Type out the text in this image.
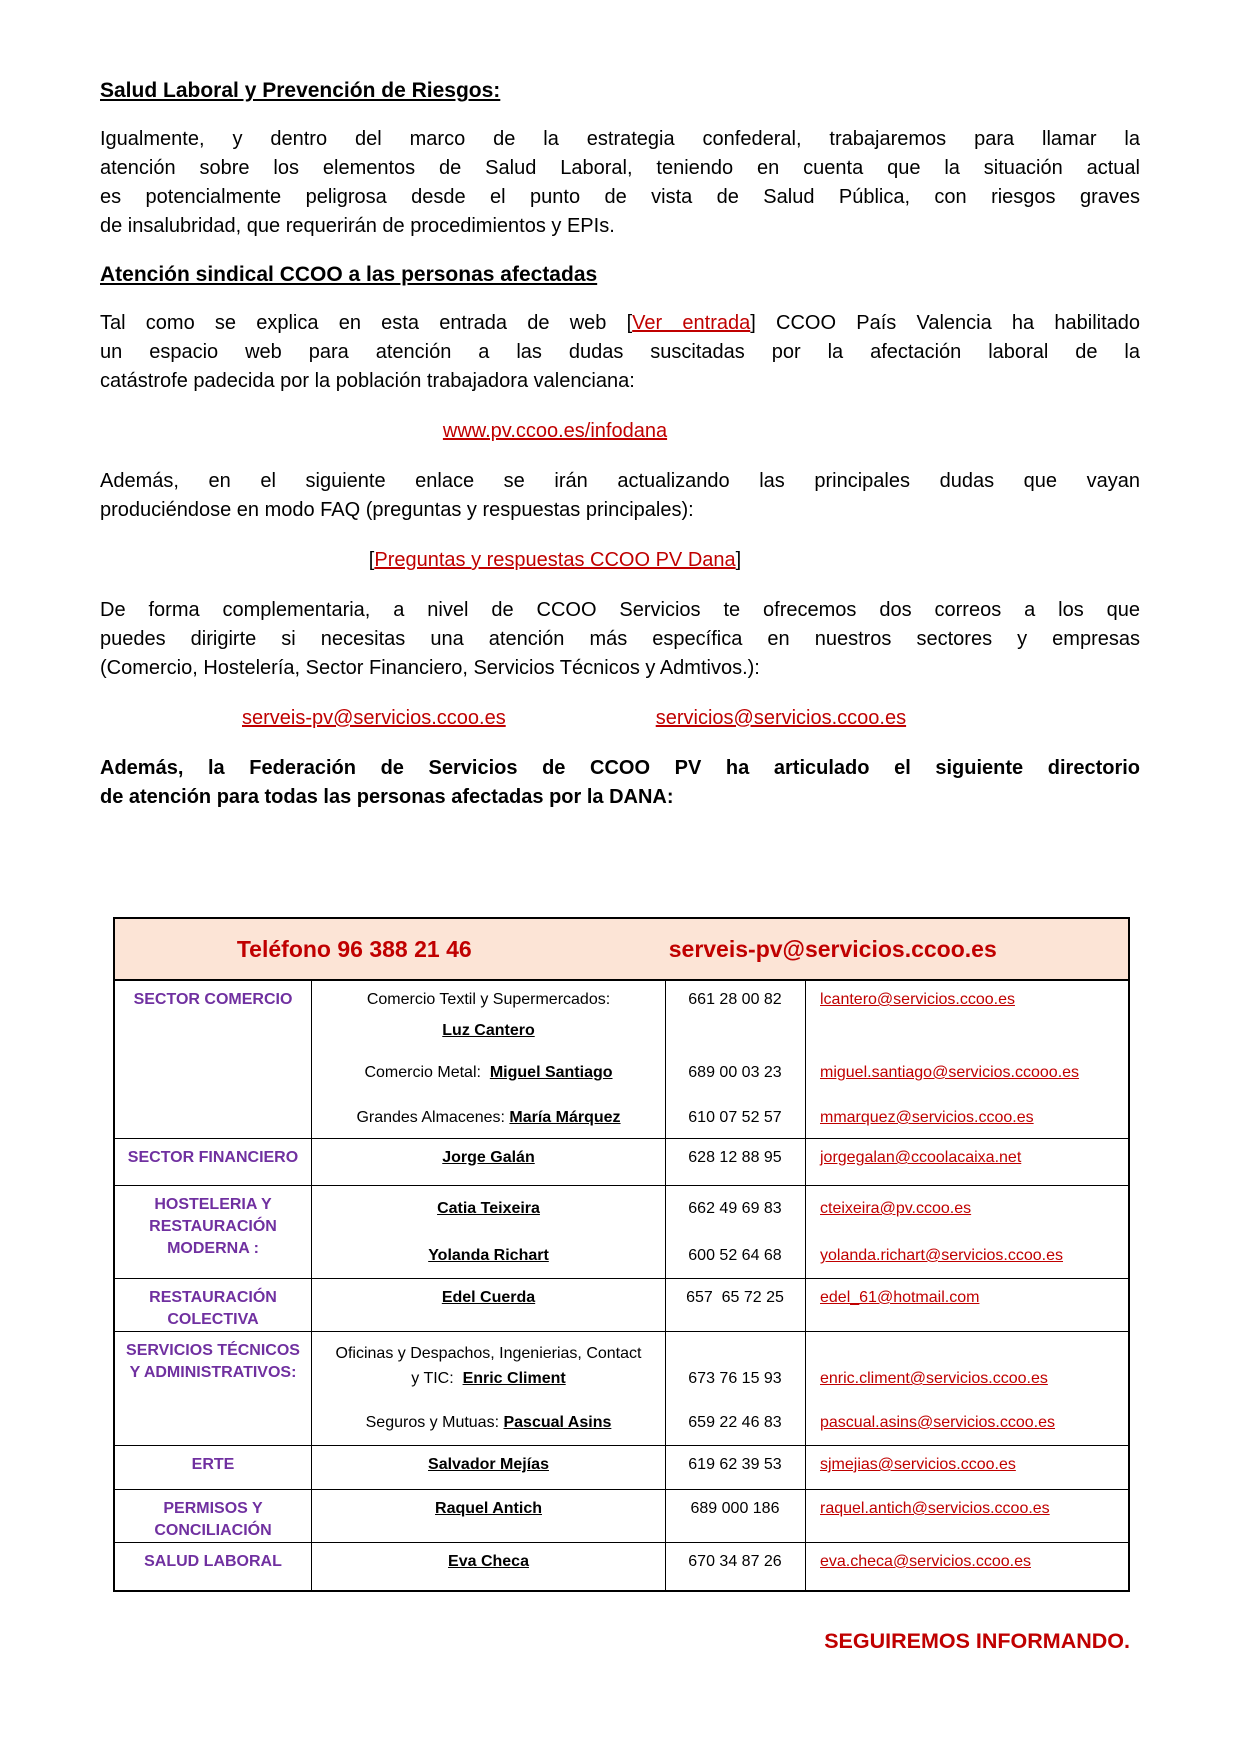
Salud Laboral y Prevención de Riesgos:
Igualmente, y dentro del marco de la estrategia confederal, trabajaremos para llamar la
atención sobre los elementos de Salud Laboral, teniendo en cuenta que la situación actual
es potencialmente peligrosa desde el punto de vista de Salud Pública, con riesgos graves
de insalubridad, que requerirán de procedimientos y EPIs.
Atención sindical CCOO a las personas afectadas
Tal como se explica en esta entrada de web [Ver entrada] CCOO País Valencia ha habilitado
un espacio web para atención a las dudas suscitadas por la afectación laboral de la
catástrofe padecida por la población trabajadora valenciana:
www.pv.ccoo.es/infodana
Además, en el siguiente enlace se irán actualizando las principales dudas que vayan
produciéndose en modo FAQ (preguntas y respuestas principales):
[Preguntas y respuestas CCOO PV Dana]
De forma complementaria, a nivel de CCOO Servicios te ofrecemos dos correos a los que
puedes dirigirte si necesitas una atención más específica en nuestros sectores y empresas
(Comercio, Hostelería, Sector Financiero, Servicios Técnicos y Admtivos.):
serveis-pv@servicios.ccoo.es	servicios@servicios.ccoo.es
Además, la Federación de Servicios de CCOO PV ha articulado el siguiente directorio
de atención para todas las personas afectadas por la DANA:
Teléfono 96 388 21 46	serveis-pv@servicios.ccoo.es
SECTOR COMERCIO	Comercio Textil y Supermercados:
Luz Cantero
661 28 00 82	lcantero@servicios.ccoo.es
Comercio Metal:  Miguel Santiago	689 00 03 23	miguel.santiago@servicios.ccooo.es
Grandes Almacenes: María Márquez	610 07 52 57	mmarquez@servicios.ccoo.es
SECTOR FINANCIERO	Jorge Galán	628 12 88 95	jorgegalan@ccoolacaixa.net
HOSTELERIA Y
RESTAURACIÓN
MODERNA :
Catia Teixeira	662 49 69 83	cteixeira@pv.ccoo.es
Yolanda Richart	600 52 64 68	yolanda.richart@servicios.ccoo.es
RESTAURACIÓN
COLECTIVA
Edel Cuerda	657  65 72 25	edel_61@hotmail.com
SERVICIOS TÉCNICOS
Y ADMINISTRATIVOS:
Oficinas y Despachos, Ingenierias, Contact
y TIC:  Enric Climent	673 76 15 93	enric.climent@servicios.ccoo.es
Seguros y Mutuas: Pascual Asins	659 22 46 83	pascual.asins@servicios.ccoo.es
ERTE	Salvador Mejías	619 62 39 53	sjmejias@servicios.ccoo.es
PERMISOS Y
CONCILIACIÓN
Raquel Antich	689 000 186	raquel.antich@servicios.ccoo.es
SALUD LABORAL	Eva Checa	670 34 87 26	eva.checa@servicios.ccoo.es
SEGUIREMOS INFORMANDO.
